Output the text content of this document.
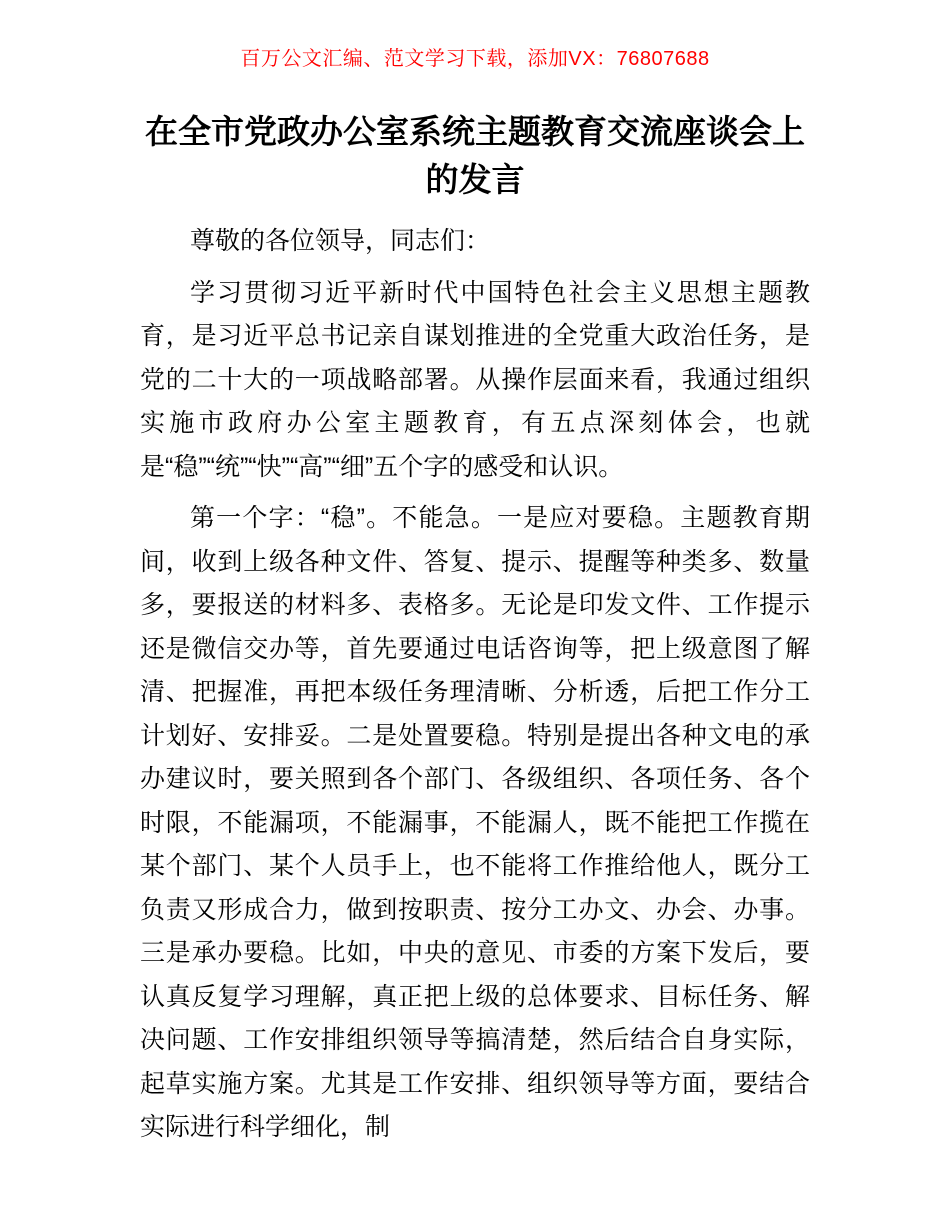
百万公文汇编、范文学习下载，添加VX：76807688
在全市党政办公室系统主题教育交流座谈会上的发言

尊敬的各位领导，同志们：

学习贯彻习近平新时代中国特色社会主义思想主题教育，是习近平总书记亲自谋划推进的全党重大政治任务，是党的二十大的一项战略部署。从操作层面来看，我通过组织实施市政府办公室主题教育，有五点深刻体会，也就是“稳”“统”“快”“高”“细”五个字的感受和认识。

第一个字：“稳”。不能急。一是应对要稳。主题教育期间，收到上级各种文件、答复、提示、提醒等种类多、数量多，要报送的材料多、表格多。无论是印发文件、工作提示还是微信交办等，首先要通过电话咨询等，把上级意图了解清、把握准，再把本级任务理清晰、分析透，后把工作分工计划好、安排妥。二是处置要稳。特别是提出各种文电的承办建议时，要关照到各个部门、各级组织、各项任务、各个时限，不能漏项，不能漏事，不能漏人，既不能把工作揽在某个部门、某个人员手上，也不能将工作推给他人，既分工负责又形成合力，做到按职责、按分工办文、办会、办事。三是承办要稳。比如，中央的意见、市委的方案下发后，要认真反复学习理解，真正把上级的总体要求、目标任务、解决问题、工作安排组织领导等搞清楚，然后结合自身实际，起草实施方案。尤其是工作安排、组织领导等方面，要结合实际进行科学细化，制
